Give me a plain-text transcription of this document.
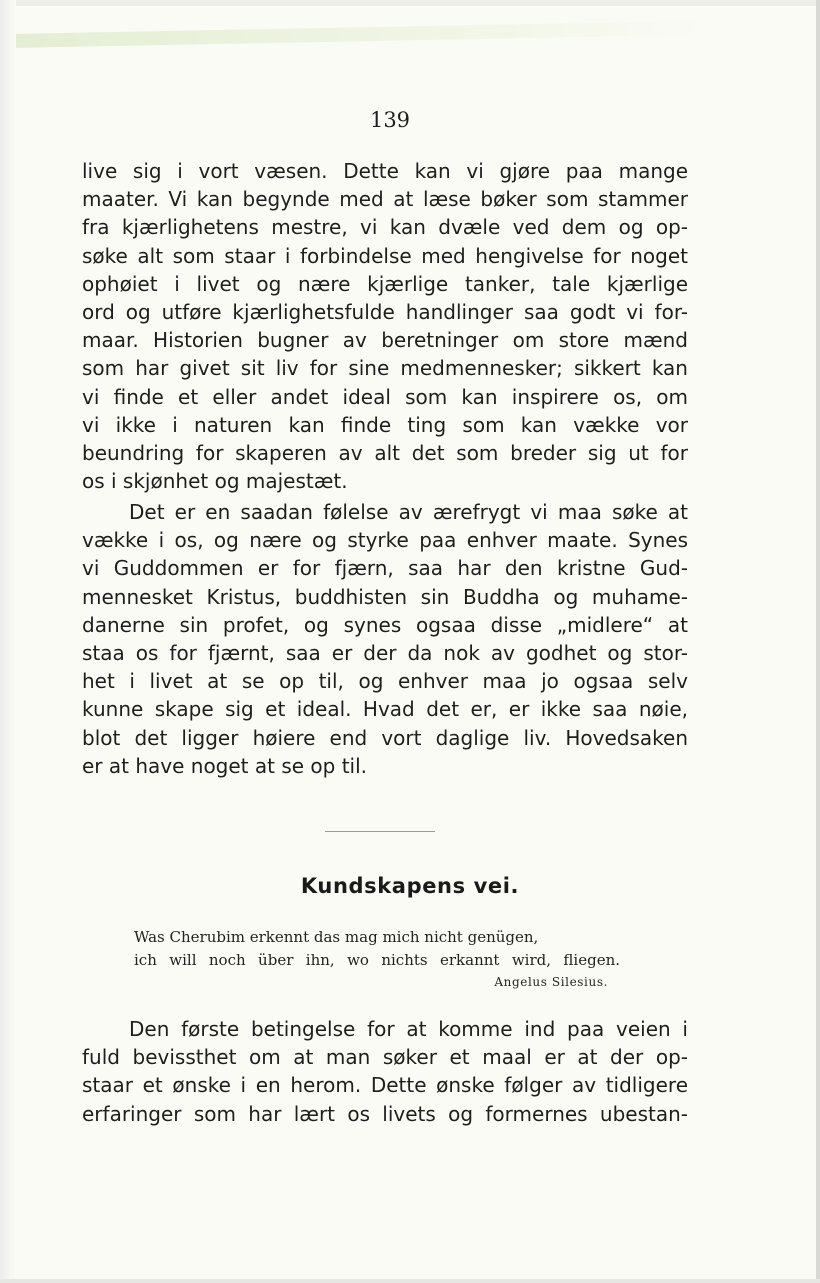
139

live sig i vort væsen. Dette kan vi gjøre paa mange
maater. Vi kan begynde med at læse bøker som stammer
fra kjærlighetens mestre, vi kan dvæle ved dem og op-
søke alt som staar i forbindelse med hengivelse for noget
ophøiet i livet og nære kjærlige tanker, tale kjærlige
ord og utføre kjærlighetsfulde handlinger saa godt vi for-
maar. Historien bugner av beretninger om store mænd
som har givet sit liv for sine medmennesker; sikkert kan
vi finde et eller andet ideal som kan inspirere os, om
vi ikke i naturen kan finde ting som kan vække vor
beundring for skaperen av alt det som breder sig ut for
os i skjønhet og majestæt.
Det er en saadan følelse av ærefrygt vi maa søke at
vække i os, og nære og styrke paa enhver maate. Synes
vi Guddommen er for fjærn, saa har den kristne Gud-
mennesket Kristus, buddhisten sin Buddha og muhame-
danerne sin profet, og synes ogsaa disse „midlere“ at
staa os for fjærnt, saa er der da nok av godhet og stor-
het i livet at se op til, og enhver maa jo ogsaa selv
kunne skape sig et ideal. Hvad det er, er ikke saa nøie,
blot det ligger høiere end vort daglige liv. Hovedsaken
er at have noget at se op til.
Kundskapens vei.
Was Cherubim erkennt das mag mich nicht genügen,
ich will noch über ihn, wo nichts erkannt wird, fliegen.

Angelus Silesius.

Den første betingelse for at komme ind paa veien i
fuld bevissthet om at man søker et maal er at der op-
staar et ønske i en herom. Dette ønske følger av tidligere
erfaringer som har lært os livets og formernes ubestan-
